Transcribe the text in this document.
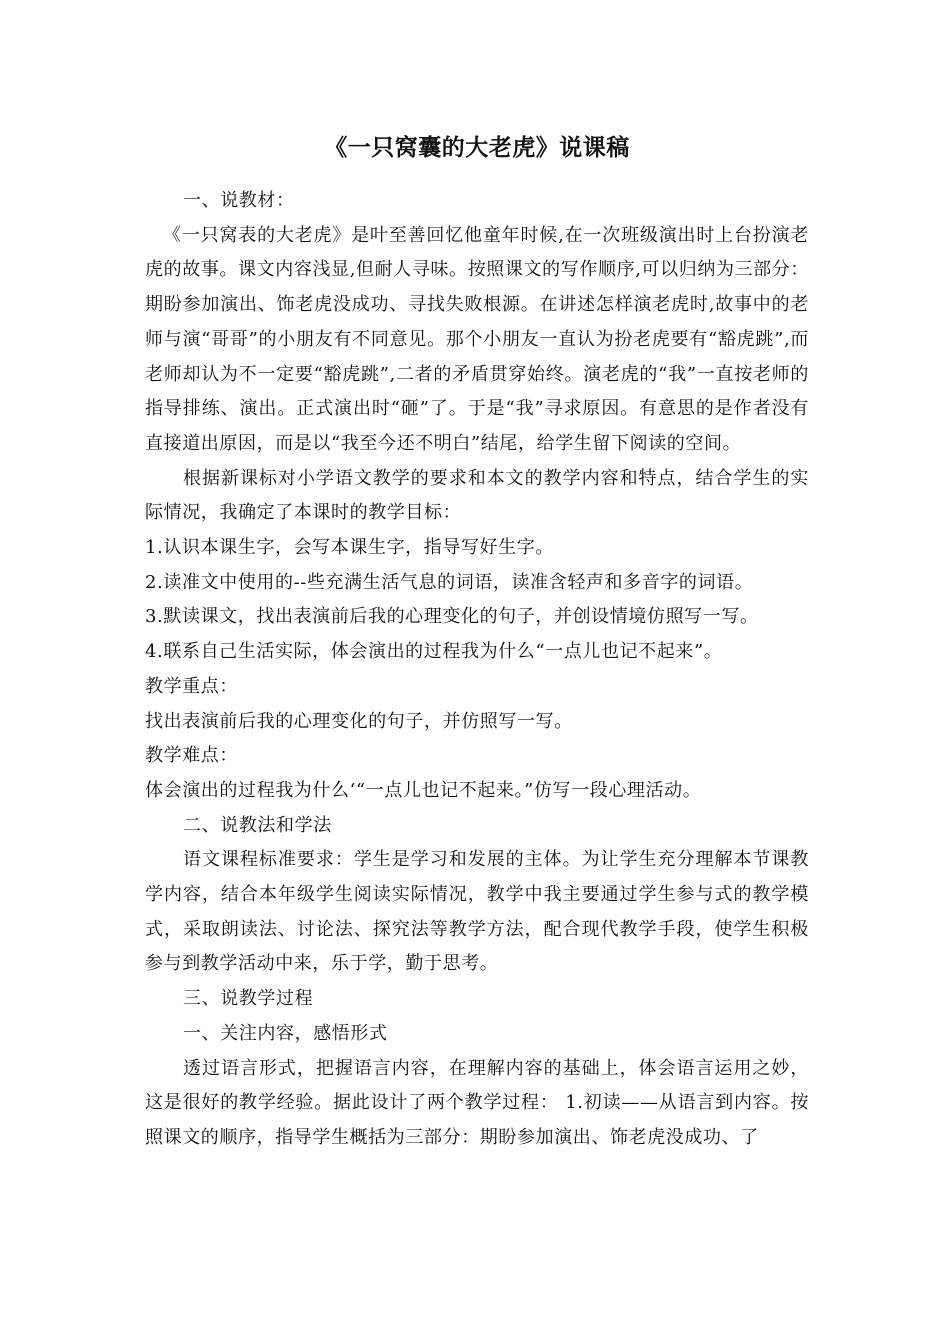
《一只窝囊的大老虎》说课稿

一、说教材：

《一只窝表的大老虎》是叶至善回忆他童年时候,在一次班级演出时上台扮演老虎的故事。课文内容浅显,但耐人寻味。按照课文的写作顺序,可以归纳为三部分：期盼参加演出、饰老虎没成功、寻找失败根源。在讲述怎样演老虎时,故事中的老师与演“哥哥”的小朋友有不同意见。那个小朋友一直认为扮老虎要有“豁虎跳”,而老师却认为不一定要“豁虎跳”,二者的矛盾贯穿始终。演老虎的“我”一直按老师的指导排练、演出。正式演出时“砸”了。于是“我”寻求原因。有意思的是作者没有直接道出原因，而是以“我至今还不明白”结尾，给学生留下阅读的空间。

根据新课标对小学语文教学的要求和本文的教学内容和特点，结合学生的实际情况，我确定了本课时的教学目标：

1.认识本课生字，会写本课生字，指导写好生字。

2.读准文中使用的--些充满生活气息的词语，读准含轻声和多音字的词语。

3.默读课文，找出表演前后我的心理变化的句子，并创设情境仿照写一写。

4.联系自己生活实际，体会演出的过程我为什么“一点儿也记不起来”。

教学重点：

找出表演前后我的心理变化的句子，并仿照写一写。

教学难点：

体会演出的过程我为什么‘“一点儿也记不起来。”仿写一段心理活动。

二、说教法和学法

语文课程标准要求：学生是学习和发展的主体。为让学生充分理解本节课教学内容，结合本年级学生阅读实际情况，教学中我主要通过学生参与式的教学模式，采取朗读法、讨论法、探究法等教学方法，配合现代教学手段，使学生积极参与到教学活动中来，乐于学，勤于思考。

三、说教学过程

一、关注内容，感悟形式

透过语言形式，把握语言内容，在理解内容的基础上，体会语言运用之妙，这是很好的教学经验。据此设计了两个教学过程： 1.初读——从语言到内容。按照课文的顺序，指导学生概括为三部分：期盼参加演出、饰老虎没成功、了
